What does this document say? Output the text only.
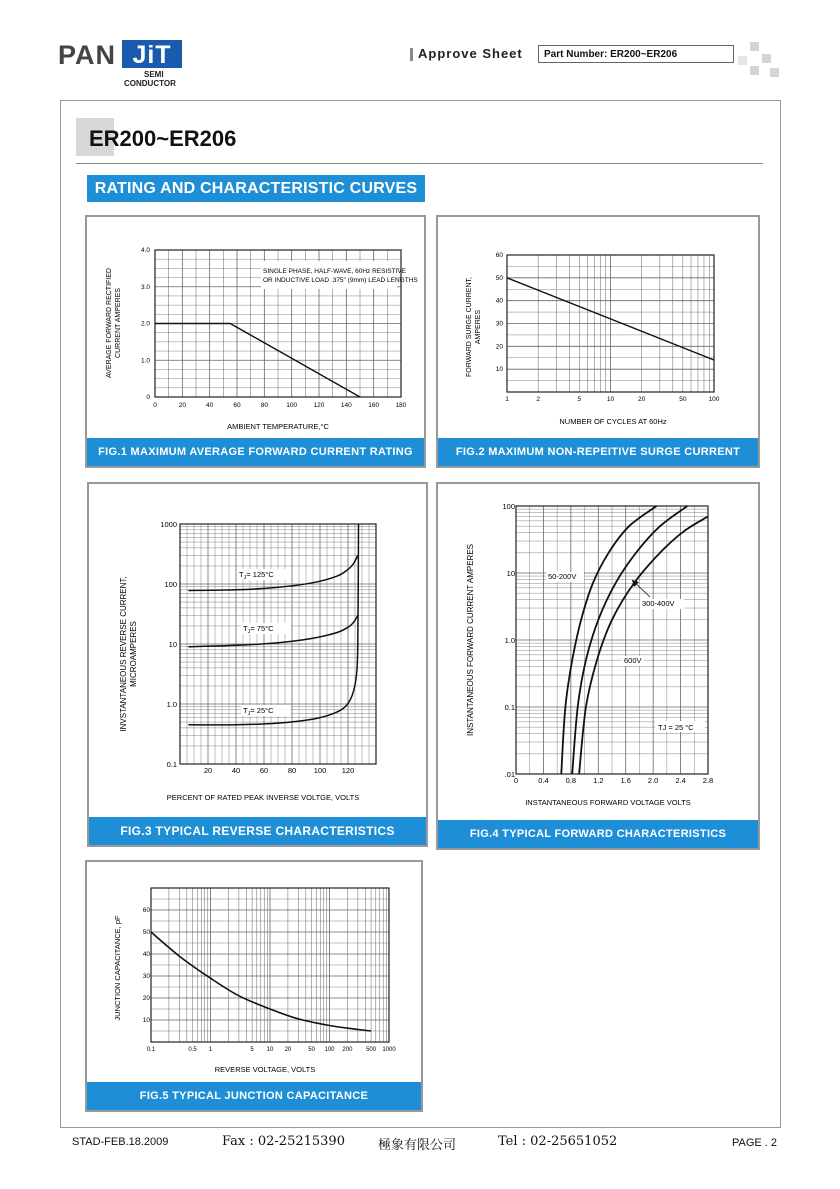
PAN JiT
SEMI
CONDUCTOR
Approve Sheet	Part Number: ER200~ER206
ER200~ER206
RATING AND CHARACTERISTIC CURVES
SINGLE PHASE, HALF-WAVE, 60Hz RESISTIVE
OR INDUCTIVE LOAD .375" (9mm) LEAD LENGTHS
0	20	40	60	80	100	120	140	160	180
0
1.0
2.0
3.0
4.0
AMBIENT TEMPERATURE,°C
AVERAGE FORWARD RECTIFIED CURRENT AMPERES
FIG.1 MAXIMUM AVERAGE FORWARD CURRENT RATING
1	2	5	10	20	50	100
10
20
30
40
50
60
NUMBER OF CYCLES AT 60Hz
FORWARD SURGE CURRENT, AMPERES
FIG.2 MAXIMUM NON-REPEITIVE SURGE CURRENT
20	40	60	80 100 120
0.1
1.0
10
100
1000
$T_J= 125^\circ C$
$T_J= 75^\circ C$
$T_J= 25^\circ C$
PERCENT OF RATED PEAK INVERSE VOLTGE, VOLTS
INVSTANTANEOUS REVERSE CURRENT, MICROAMPERES
FIG.3 TYPICAL REVERSE CHARACTERISTICS
0	0.4 0.8 1.2 1.6 2.0 2.4 2.8
.01
0.1
1.0
10
100
50-200V
300-400V
600V
TJ = 25 °C
INSTANTANEOUS FORWARD VOLTAGE VOLTS
INSTANTANEOUS FORWARD CURRENT AMPERES
FIG.4 TYPICAL FORWARD CHARACTERISTICS
0.1	0.5 1	5 10 20	50 100 200 500 1000
10
20
30
40
50
60
REVERSE VOLTAGE, VOLTS
JUNCTION CAPACITANCE, pF
FIG.5 TYPICAL JUNCTION CAPACITANCE
STAD-FEB.18.2009	Fax : 02-25215390	極象有限公司	Tel : 02-25651052	PAGE . 2
